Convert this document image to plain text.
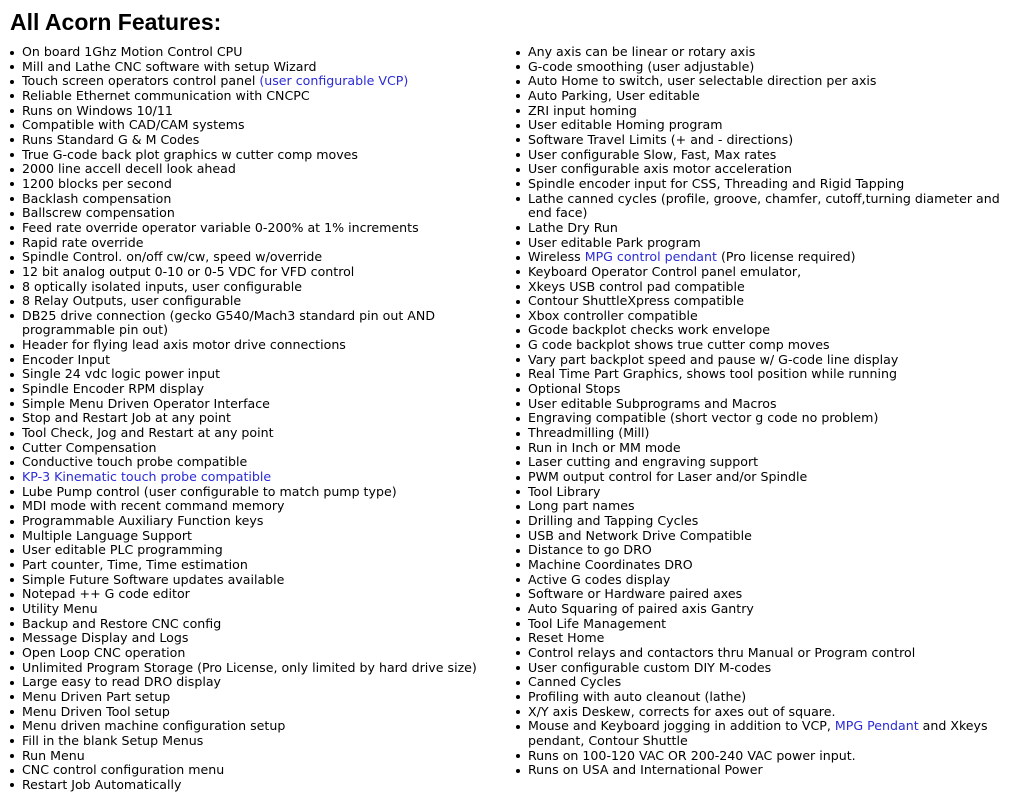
All Acorn Features:
On board 1Ghz Motion Control CPU
Mill and Lathe CNC software with setup Wizard
Touch screen operators control panel (user configurable VCP)
Reliable Ethernet communication with CNCPC
Runs on Windows 10/11
Compatible with CAD/CAM systems
Runs Standard G & M Codes
True G-code back plot graphics w cutter comp moves
2000 line accell decell look ahead
1200 blocks per second
Backlash compensation
Ballscrew compensation
Feed rate override operator variable 0-200% at 1% increments
Rapid rate override
Spindle Control. on/off cw/cw, speed w/override
12 bit analog output 0-10 or 0-5 VDC for VFD control
8 optically isolated inputs, user configurable
8 Relay Outputs, user configurable
DB25 drive connection (gecko G540/Mach3 standard pin out AND programmable pin out)
Header for flying lead axis motor drive connections
Encoder Input
Single 24 vdc logic power input
Spindle Encoder RPM display
Simple Menu Driven Operator Interface
Stop and Restart Job at any point
Tool Check, Jog and Restart at any point
Cutter Compensation
Conductive touch probe compatible
KP-3 Kinematic touch probe compatible
Lube Pump control (user configurable to match pump type)
MDI mode with recent command memory
Programmable Auxiliary Function keys
Multiple Language Support
User editable PLC programming
Part counter, Time, Time estimation
Simple Future Software updates available
Notepad ++ G code editor
Utility Menu
Backup and Restore CNC config
Message Display and Logs
Open Loop CNC operation
Unlimited Program Storage (Pro License, only limited by hard drive size)
Large easy to read DRO display
Menu Driven Part setup
Menu Driven Tool setup
Menu driven machine configuration setup
Fill in the blank Setup Menus
Run Menu
CNC control configuration menu
Restart Job Automatically
Any axis can be linear or rotary axis
G-code smoothing (user adjustable)
Auto Home to switch, user selectable direction per axis
Auto Parking, User editable
ZRI input homing
User editable Homing program
Software Travel Limits (+ and - directions)
User configurable Slow, Fast, Max rates
User configurable axis motor acceleration
Spindle encoder input for CSS, Threading and Rigid Tapping
Lathe canned cycles (profile, groove, chamfer, cutoff,turning diameter and end face)
Lathe Dry Run
User editable Park program
Wireless MPG control pendant (Pro license required)
Keyboard Operator Control panel emulator,
Xkeys USB control pad compatible
Contour ShuttleXpress compatible
Xbox controller compatible
Gcode backplot checks work envelope
G code backplot shows true cutter comp moves
Vary part backplot speed and pause w/ G-code line display
Real Time Part Graphics, shows tool position while running
Optional Stops
User editable Subprograms and Macros
Engraving compatible (short vector g code no problem)
Threadmilling (Mill)
Run in Inch or MM mode
Laser cutting and engraving support
PWM output control for Laser and/or Spindle
Tool Library
Long part names
Drilling and Tapping Cycles
USB and Network Drive Compatible
Distance to go DRO
Machine Coordinates DRO
Active G codes display
Software or Hardware paired axes
Auto Squaring of paired axis Gantry
Tool Life Management
Reset Home
Control relays and contactors thru Manual or Program control
User configurable custom DIY M-codes
Canned Cycles
Profiling with auto cleanout (lathe)
X/Y axis Deskew, corrects for axes out of square.
Mouse and Keyboard jogging in addition to VCP, MPG Pendant and Xkeys pendant, Contour Shuttle
Runs on 100-120 VAC OR 200-240 VAC power input.
Runs on USA and International Power
